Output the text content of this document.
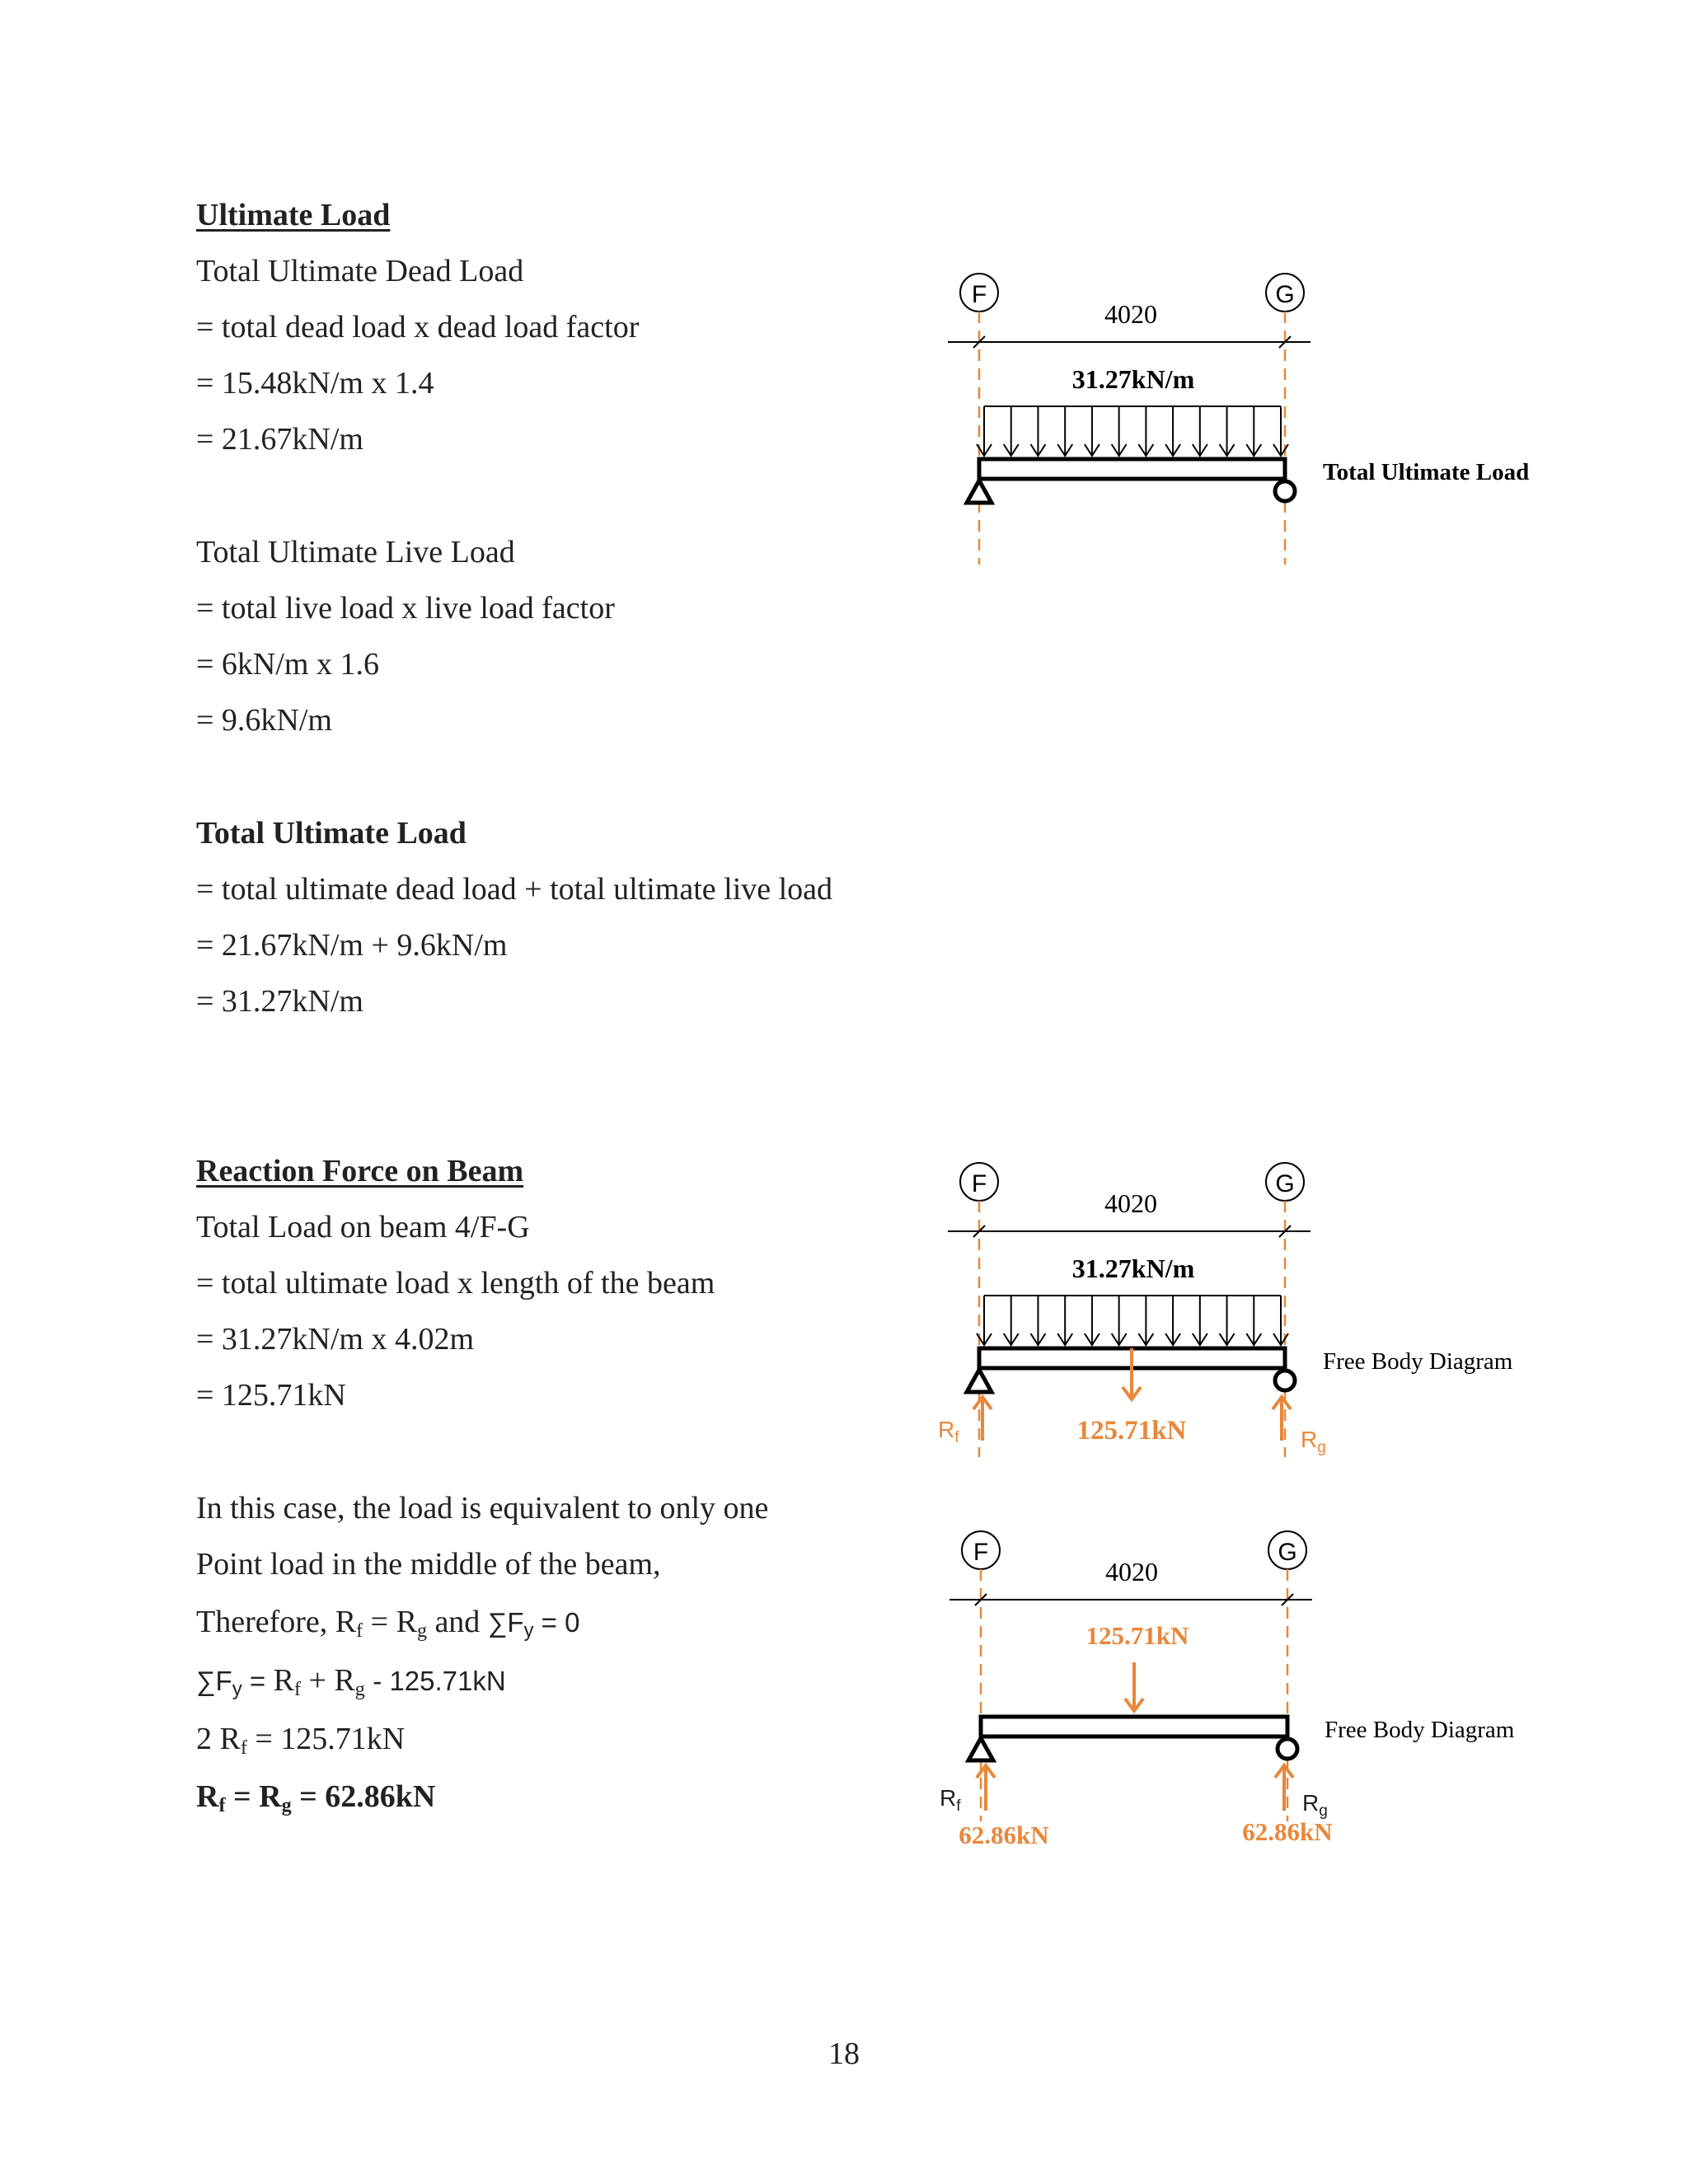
Ultimate Load
Total Ultimate Dead Load
= total dead load x dead load factor
= 15.48kN/m x 1.4
= 21.67kN/m
Total Ultimate Live Load
= total live load x live load factor
= 6kN/m x 1.6
= 9.6kN/m
Total Ultimate Load
= total ultimate dead load + total ultimate live load
= 21.67kN/m + 9.6kN/m
= 31.27kN/m
Reaction Force on Beam
Total Load on beam 4/F-G
= total ultimate load x length of the beam
= 31.27kN/m x 4.02m
= 125.71kN
In this case, the load is equivalent to only one
Point load in the middle of the beam,
Therefore, $R_f = R_g$ and $\sum F_y = 0$
$\sum F_y = R_f + R_g - 125.71kN$
2 $R_f = 125.71kN$
$R_f = R_g = 62.86kN$
F	G
4020
31.27kN/m
Total Ultimate Load
F	G
4020
31.27kN/m
125.71kN
$R_f$	$R_g$
Free Body Diagram
F	G
4020
125.71kN
$R_f$	$R_g$
62.86kN	62.86kN
Free Body Diagram
18
